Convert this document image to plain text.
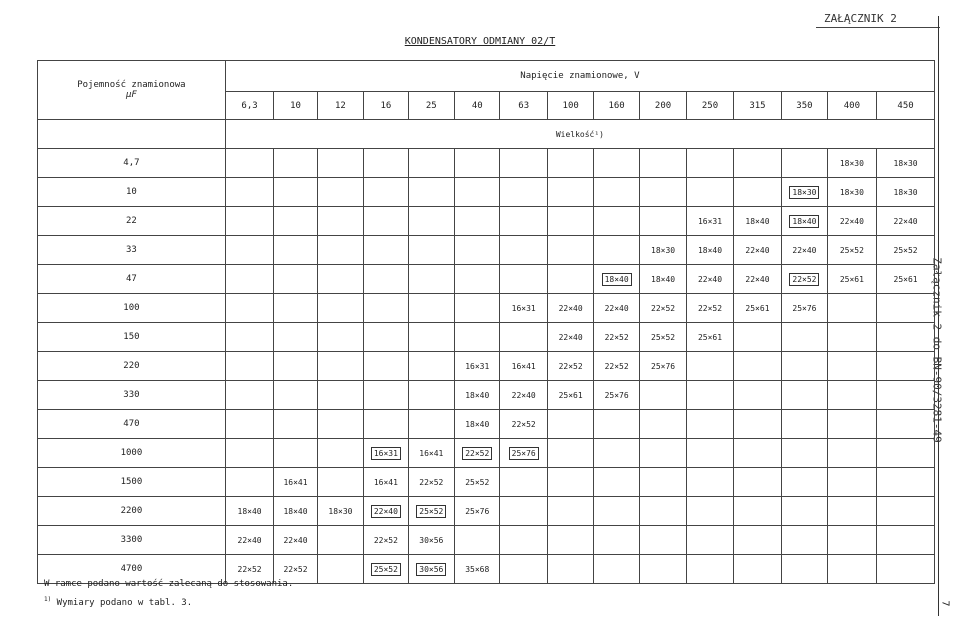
ZAŁĄCZNIK 2
KONDENSATORY ODMIANY 02/T
Załącznik 2 do BN-90/3281-49
7
Pojemność znamionowa
µF	Napięcie znamionowe, V														
	6,3	10	12	16	25	40	63	100	160	200	250	315	350	400	450
	Wielkość¹)														
4,7														18×30	18×30
10													18×30	18×30	18×30
22											16×31	18×40	18×40	22×40	22×40
33										18×30	18×40	22×40	22×40	25×52	25×52
47									18×40	18×40	22×40	22×40	22×52	25×61	25×61
100							16×31	22×40	22×40	22×52	22×52	25×61	25×76		
150								22×40	22×52	25×52	25×61				
220						16×31	16×41	22×52	22×52	25×76					
330						18×40	22×40	25×61	25×76						
470						18×40	22×52								
1000				16×31	16×41	22×52	25×76								
1500		16×41		16×41	22×52	25×52									
2200	18×40	18×40	18×30	22×40	25×52	25×76									
3300	22×40	22×40		22×52	30×56										
4700	22×52	22×52		25×52	30×56	35×68									
W ramce podano wartość zalecaną do stosowania.
$^{1)}$ Wymiary podano w tabl. 3.
